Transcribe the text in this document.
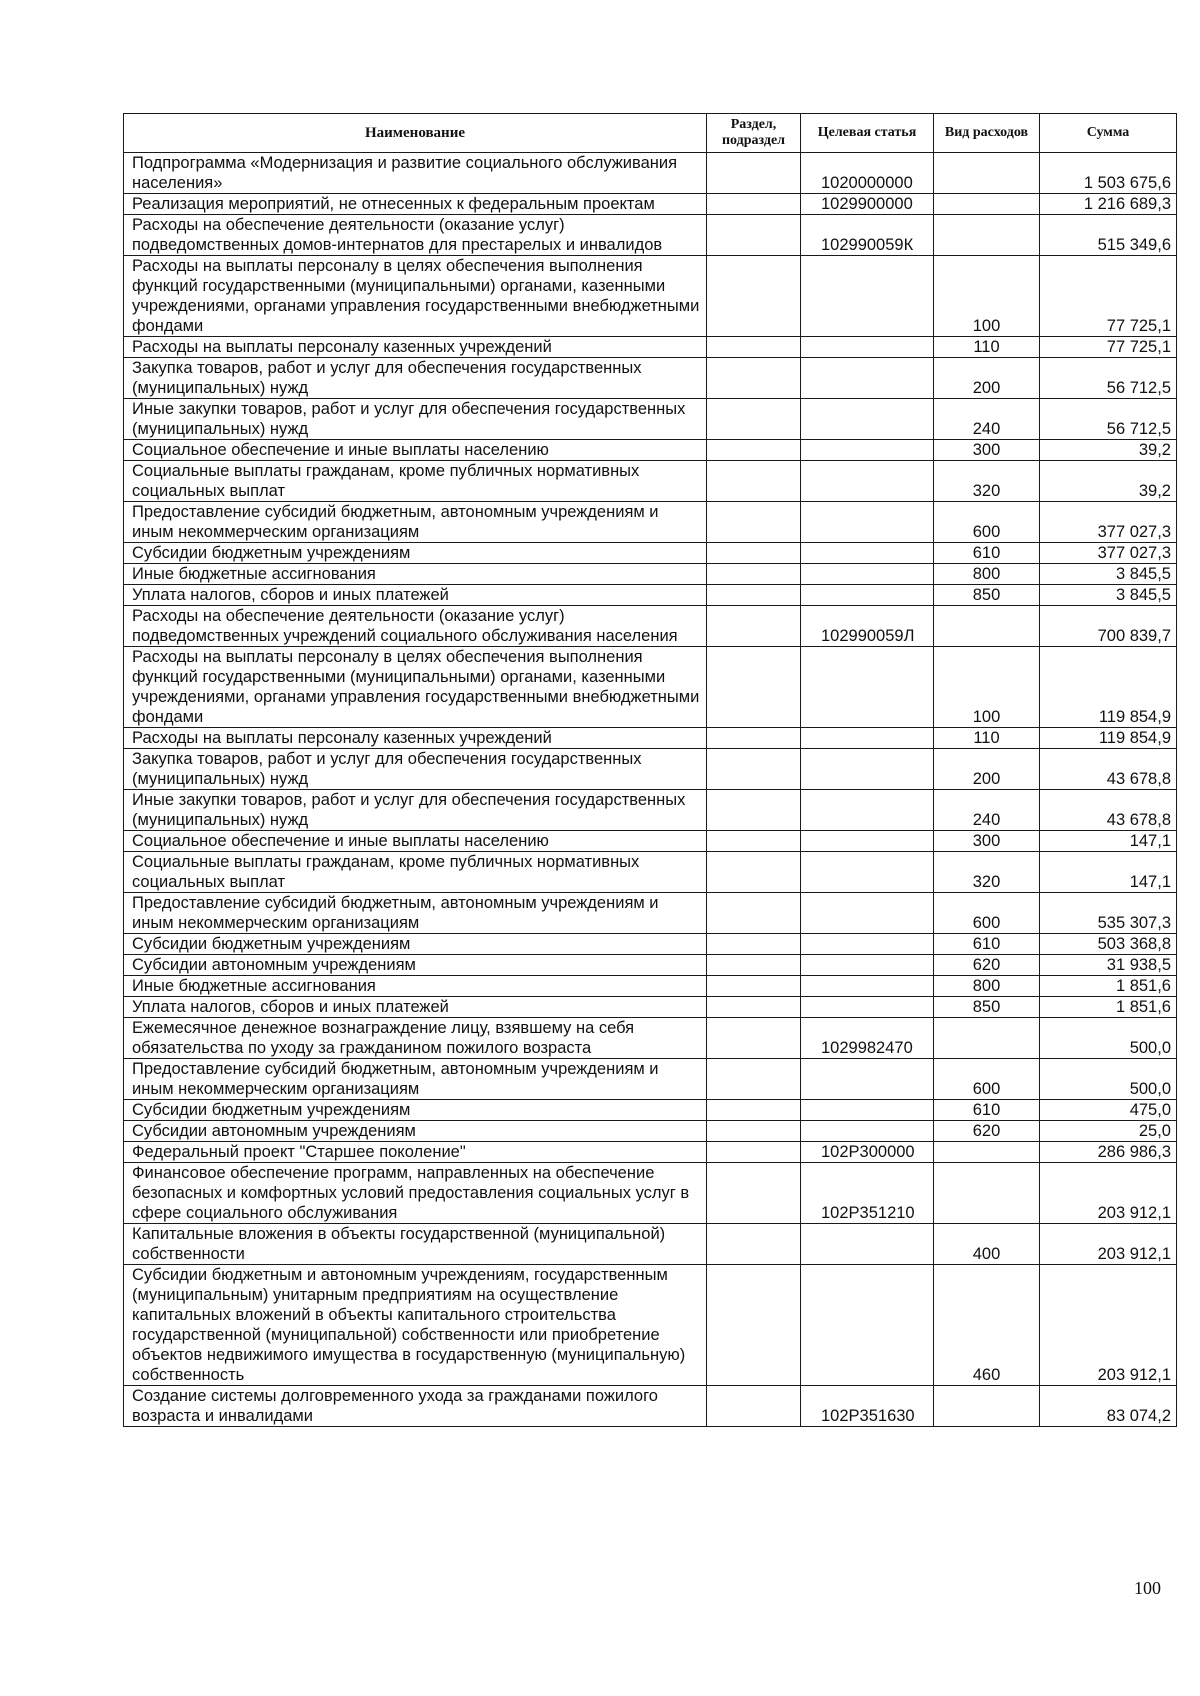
Наименование	Раздел, подраздел	Целевая статья	Вид расходов	Сумма
Подпрограмма «Модернизация и развитие социального обслуживания населения»		1020000000		1 503 675,6
Реализация мероприятий, не отнесенных к федеральным проектам		1029900000		1 216 689,3
Расходы на обеспечение деятельности (оказание услуг) подведомственных домов-интернатов для престарелых и инвалидов		102990059К		515 349,6
Расходы на выплаты персоналу в целях обеспечения выполнения функций государственными (муниципальными) органами, казенными учреждениями, органами управления государственными внебюджетными фондами			100	77 725,1
Расходы на выплаты персоналу казенных учреждений			110	77 725,1
Закупка товаров, работ и услуг для обеспечения государственных (муниципальных) нужд			200	56 712,5
Иные закупки товаров, работ и услуг для обеспечения государственных (муниципальных) нужд			240	56 712,5
Социальное обеспечение и иные выплаты населению			300	39,2
Социальные выплаты гражданам, кроме публичных нормативных социальных выплат			320	39,2
Предоставление субсидий бюджетным, автономным учреждениям и иным некоммерческим организациям			600	377 027,3
Субсидии бюджетным учреждениям			610	377 027,3
Иные бюджетные ассигнования			800	3 845,5
Уплата налогов, сборов и иных платежей			850	3 845,5
Расходы на обеспечение деятельности (оказание услуг) подведомственных учреждений социального обслуживания населения		102990059Л		700 839,7
Расходы на выплаты персоналу в целях обеспечения выполнения функций государственными (муниципальными) органами, казенными учреждениями, органами управления государственными внебюджетными фондами			100	119 854,9
Расходы на выплаты персоналу казенных учреждений			110	119 854,9
Закупка товаров, работ и услуг для обеспечения государственных (муниципальных) нужд			200	43 678,8
Иные закупки товаров, работ и услуг для обеспечения государственных (муниципальных) нужд			240	43 678,8
Социальное обеспечение и иные выплаты населению			300	147,1
Социальные выплаты гражданам, кроме публичных нормативных социальных выплат			320	147,1
Предоставление субсидий бюджетным, автономным учреждениям и иным некоммерческим организациям			600	535 307,3
Субсидии бюджетным учреждениям			610	503 368,8
Субсидии автономным учреждениям			620	31 938,5
Иные бюджетные ассигнования			800	1 851,6
Уплата налогов, сборов и иных платежей			850	1 851,6
Ежемесячное денежное вознаграждение лицу, взявшему на себя обязательства по уходу за гражданином пожилого возраста		1029982470		500,0
Предоставление субсидий бюджетным, автономным учреждениям и иным некоммерческим организациям			600	500,0
Субсидии бюджетным учреждениям			610	475,0
Субсидии автономным учреждениям			620	25,0
Федеральный проект "Старшее поколение"		102P300000		286 986,3
Финансовое обеспечение программ, направленных на обеспечение безопасных и комфортных условий предоставления социальных услуг в сфере социального обслуживания		102P351210		203 912,1
Капитальные вложения в объекты государственной (муниципальной) собственности			400	203 912,1
Субсидии бюджетным и автономным учреждениям, государственным (муниципальным) унитарным предприятиям на осуществление капитальных вложений в объекты капитального строительства государственной (муниципальной) собственности или приобретение объектов недвижимого имущества в государственную (муниципальную) собственность			460	203 912,1
Создание системы долговременного ухода за гражданами пожилого возраста и инвалидами		102P351630		83 074,2
100
